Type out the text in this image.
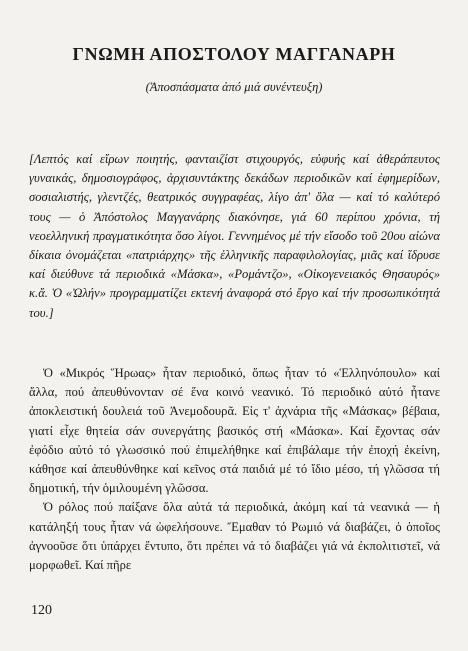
ΓΝΩΜΗ ΑΠΟΣΤΟΛΟΥ ΜΑΓΓΑΝΑΡΗ
(Ἀποσπάσματα ἀπό μιά συνέντευξη)
[Λεπτός καί εἴρων ποιητής, φανταιζίστ στιχουργός, εὐφυής καί ἀθεράπευτος γυναικάς, δημοσιογράφος, ἀρχισυντάκτης δεκάδων περιοδικῶν καί ἐφημερίδων, σοσιαλιστής, γλεντζές, θεατρικός συγγραφέας, λίγο ἀπ' ὅλα — καί τό καλύτερό τους — ὁ Ἀπόστολος Μαγγανάρης διακόνησε, γιά 60 περίπου χρόνια, τή νεοελληνική πραγματικότητα ὅσο λίγοι. Γεννημένος μέ τήν εἴσοδο τοῦ 20ου αἰώνα δίκαια ὀνομάζεται «πατριάρχης» τῆς ἑλληνικῆς παραφιλολογίας, μιᾶς καί ἵδρυσε καί διεύθυνε τά περιοδικά «Μάσκα», «Ρομάντζο», «Οἰκογενειακός Θησαυρός» κ.ἄ. Ὁ «Ὠλήν» προγραμματίζει εκτενή ἀναφορά στό ἔργο καί τήν προσωπικότητά του.]

Ὁ «Μικρός Ἥρωας» ἦταν περιοδικό, ὅπως ἦταν τό «Ἑλληνόπουλο» καί ἄλλα, πού ἀπευθύνονταν σέ ἕνα κοινό νεανικό. Τό περιοδικό αὐτό ἦτανε ἀποκλειστική δουλειά τοῦ Ἀνεμοδουρᾶ. Εἰς τ' ἀχνάρια τῆς «Μάσκας» βέβαια, γιατί εἶχε θητεία σάν συνεργάτης βασικός στή «Μάσκα». Καί ἔχοντας σάν ἐφόδιο αὐτό τό γλωσσικό πού ἐπιμελήθηκε καί ἐπιβάλαμε τήν ἐποχή ἐκείνη, κάθησε καί ἀπευθύνθηκε καί κεῖνος στά παιδιά μέ τό ἴδιο μέσο, τή γλῶσσα τή δημοτική, τήν ὁμιλουμένη γλῶσσα.

Ὁ ρόλος πού παίξανε ὅλα αὐτά τά περιοδικά, ἀκόμη καί τά νεανικά — ἡ κατάληξή τους ἦταν νά ὠφελήσουνε. Ἔμαθαν τό Ρωμιό νά διαβάζει, ὁ ὁποῖος ἀγνοοῦσε ὅτι ὑπάρχει ἔντυπο, ὅτι πρέπει νά τό διαβάζει γιά νά ἐκπολιτιστεῖ, νά μορφωθεῖ. Καί πῆρε

120
